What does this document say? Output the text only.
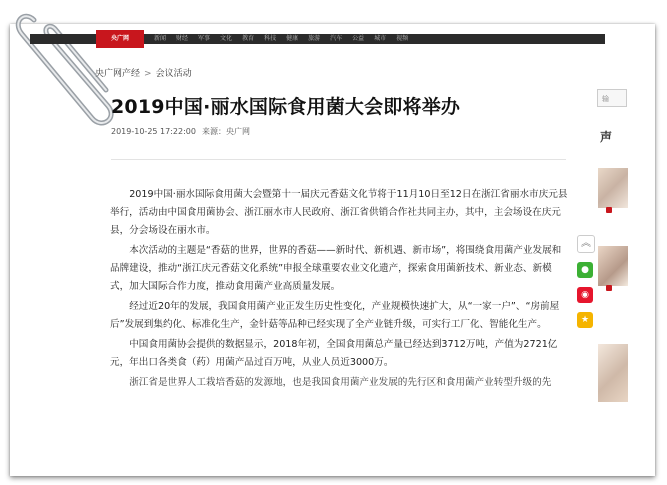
央广网	新闻 财经 军事 文化 教育 科技 健康 旅游 汽车 公益 城市 视频
央广网产经 > 会议活动
2019中国·丽水国际食用菌大会即将举办
2019-10-25 17:22:00 来源：央广网

2019中国·丽水国际食用菌大会暨第十一届庆元香菇文化节将于11月10日至12日在浙江省丽水市庆元县举行，活动由中国食用菌协会、浙江丽水市人民政府、浙江省供销合作社共同主办，其中，主会场设在庆元县，分会场设在丽水市。

本次活动的主题是“香菇的世界，世界的香菇——新时代、新机遇、新市场”，将围绕食用菌产业发展和品牌建设，推动“浙江庆元香菇文化系统”申报全球重要农业文化遗产，探索食用菌新技术、新业态、新模式，加大国际合作力度，推动食用菌产业高质量发展。

经过近20年的发展，我国食用菌产业正发生历史性变化，产业规模快速扩大，从“一家一户”、“房前屋后”发展到集约化、标准化生产，金针菇等品种已经实现了全产业链升级，可实行工厂化、智能化生产。

中国食用菌协会提供的数据显示，2018年初，全国食用菌总产量已经达到3712万吨，产值为2721亿元，年出口各类食（药）用菌产品过百万吨，从业人员近3000万。

浙江省是世界人工栽培香菇的发源地，也是我国食用菌产业发展的先行区和食用菌产业转型升级的先

︽
●
◉
★
输
声
